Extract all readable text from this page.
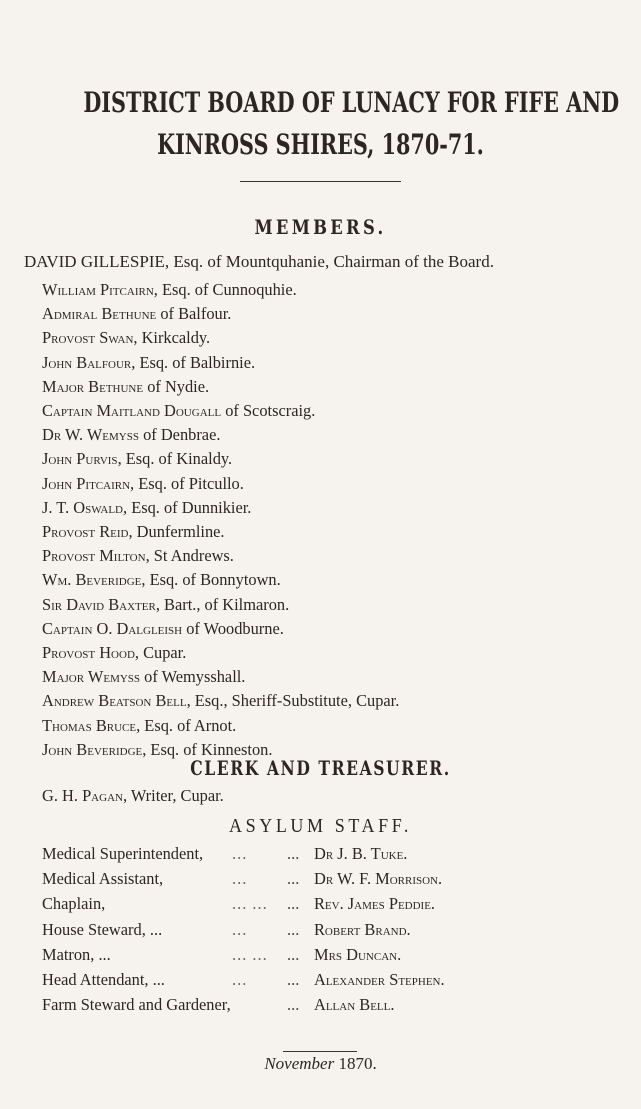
DISTRICT BOARD OF LUNACY FOR FIFE AND
KINROSS SHIRES, 1870-71.
MEMBERS.
DAVID GILLESPIE, Esq. of Mountquhanie, Chairman of the Board.
William Pitcairn, Esq. of Cunnoquhie.
Admiral Bethune of Balfour.
Provost Swan, Kirkcaldy.
John Balfour, Esq. of Balbirnie.
Major Bethune of Nydie.
Captain Maitland Dougall of Scotscraig.
Dr W. Wemyss of Denbrae.
John Purvis, Esq. of Kinaldy.
John Pitcairn, Esq. of Pitcullo.
J. T. Oswald, Esq. of Dunnikier.
Provost Reid, Dunfermline.
Provost Milton, St Andrews.
Wm. Beveridge, Esq. of Bonnytown.
Sir David Baxter, Bart., of Kilmaron.
Captain O. Dalgleish of Woodburne.
Provost Hood, Cupar.
Major Wemyss of Wemysshall.
Andrew Beatson Bell, Esq., Sheriff-Substitute, Cupar.
Thomas Bruce, Esq. of Arnot.
John Beveridge, Esq. of Kinneston.
CLERK AND TREASURER.
G. H. Pagan, Writer, Cupar.
ASYLUM STAFF.
Medical Superintendent, ... ... Dr J. B. Tuke.
Medical Assistant,	... ... Dr W. F. Morrison.
Chaplain,	... ... ... Rev. James Peddie.
House Steward, ...	... ... Robert Brand.
Matron, ...	... ... ... Mrs Duncan.
Head Attendant, ...	... ... Alexander Stephen.
Farm Steward and Gardener,	... Allan Bell.
November 1870.
